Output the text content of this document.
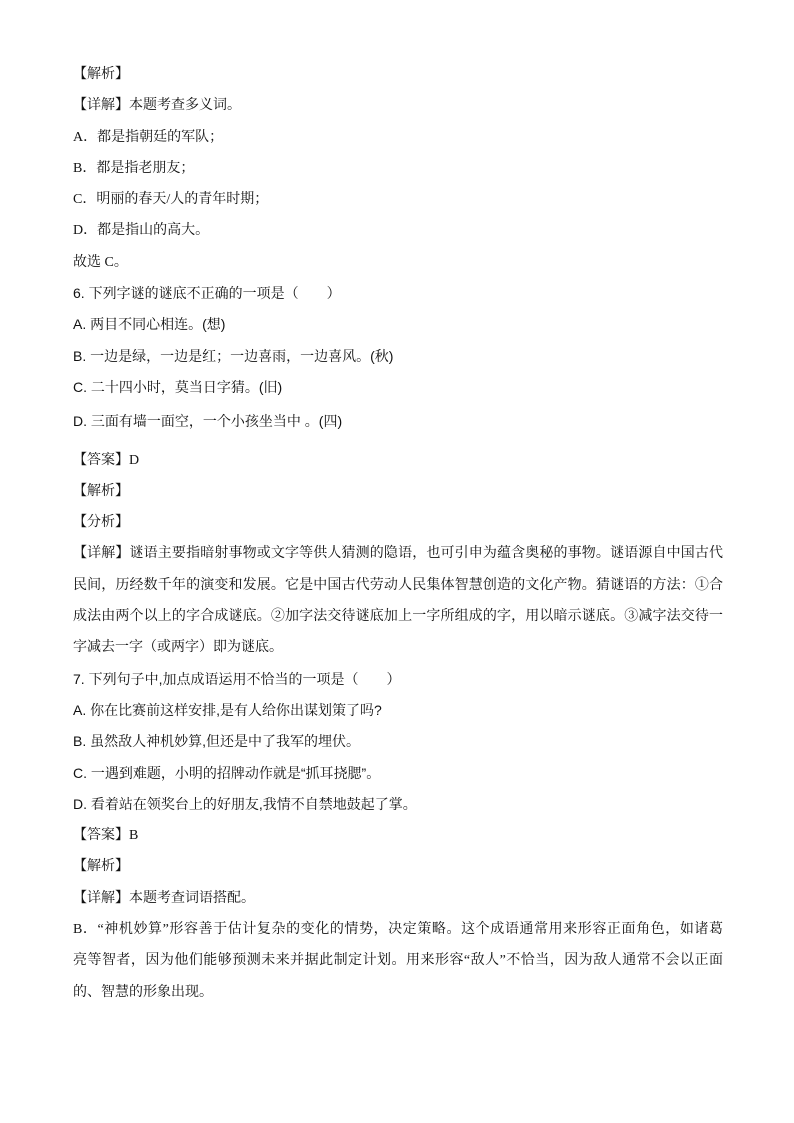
【解析】
【详解】本题考查多义词。
A．都是指朝廷的军队；
B．都是指老朋友；
C．明丽的春天/人的青年时期；
D．都是指山的高大。
故选 C。
6. 下列字谜的谜底不正确的一项是（　　）
A. 两目不同心相连。(想)
B. 一边是绿，一边是红；一边喜雨，一边喜风。(秋)
C. 二十四小时，莫当日字猜。(旧)
D. 三面有墙一面空，一个小孩坐当中 。(四)
【答案】D
【解析】
【分析】
【详解】谜语主要指暗射事物或文字等供人猜测的隐语，也可引申为蕴含奥秘的事物。谜语源自中国古代
民间，历经数千年的演变和发展。它是中国古代劳动人民集体智慧创造的文化产物。猜谜语的方法：①合
成法由两个以上的字合成谜底。②加字法交待谜底加上一字所组成的字，用以暗示谜底。③减字法交待一
字减去一字（或两字）即为谜底。
7. 下列句子中,加点成语运用不恰当的一项是（　　）
A. 你在比赛前这样安排,是有人给你出谋划策了吗?
B. 虽然敌人神机妙算,但还是中了我军的埋伏。
C. 一遇到难题，小明的招牌动作就是“抓耳挠腮”。
D. 看着站在领奖台上的好朋友,我情不自禁地鼓起了掌。
【答案】B
【解析】
【详解】本题考查词语搭配。
B．“神机妙算”形容善于估计复杂的变化的情势，决定策略。这个成语通常用来形容正面角色，如诸葛
亮等智者，因为他们能够预测未来并据此制定计划。用来形容“敌人”不恰当，因为敌人通常不会以正面
的、智慧的形象出现。
